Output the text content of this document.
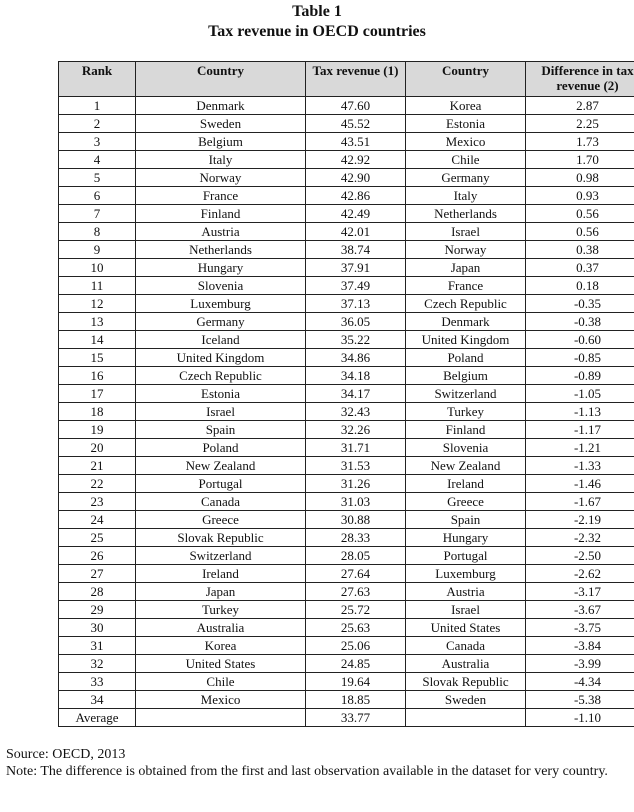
Table 1
Tax revenue in OECD countries
Rank	Country	Tax revenue (1)	Country	Difference in tax revenue (2)
1	Denmark	47.60	Korea	2.87
2	Sweden	45.52	Estonia	2.25
3	Belgium	43.51	Mexico	1.73
4	Italy	42.92	Chile	1.70
5	Norway	42.90	Germany	0.98
6	France	42.86	Italy	0.93
7	Finland	42.49	Netherlands	0.56
8	Austria	42.01	Israel	0.56
9	Netherlands	38.74	Norway	0.38
10	Hungary	37.91	Japan	0.37
11	Slovenia	37.49	France	0.18
12	Luxemburg	37.13	Czech Republic	-0.35
13	Germany	36.05	Denmark	-0.38
14	Iceland	35.22	United Kingdom	-0.60
15	United Kingdom	34.86	Poland	-0.85
16	Czech Republic	34.18	Belgium	-0.89
17	Estonia	34.17	Switzerland	-1.05
18	Israel	32.43	Turkey	-1.13
19	Spain	32.26	Finland	-1.17
20	Poland	31.71	Slovenia	-1.21
21	New Zealand	31.53	New Zealand	-1.33
22	Portugal	31.26	Ireland	-1.46
23	Canada	31.03	Greece	-1.67
24	Greece	30.88	Spain	-2.19
25	Slovak Republic	28.33	Hungary	-2.32
26	Switzerland	28.05	Portugal	-2.50
27	Ireland	27.64	Luxemburg	-2.62
28	Japan	27.63	Austria	-3.17
29	Turkey	25.72	Israel	-3.67
30	Australia	25.63	United States	-3.75
31	Korea	25.06	Canada	-3.84
32	United States	24.85	Australia	-3.99
33	Chile	19.64	Slovak Republic	-4.34
34	Mexico	18.85	Sweden	-5.38
Average		33.77		-1.10
Source: OECD, 2013
Note: The difference is obtained from the first and last observation available in the dataset for very country.
